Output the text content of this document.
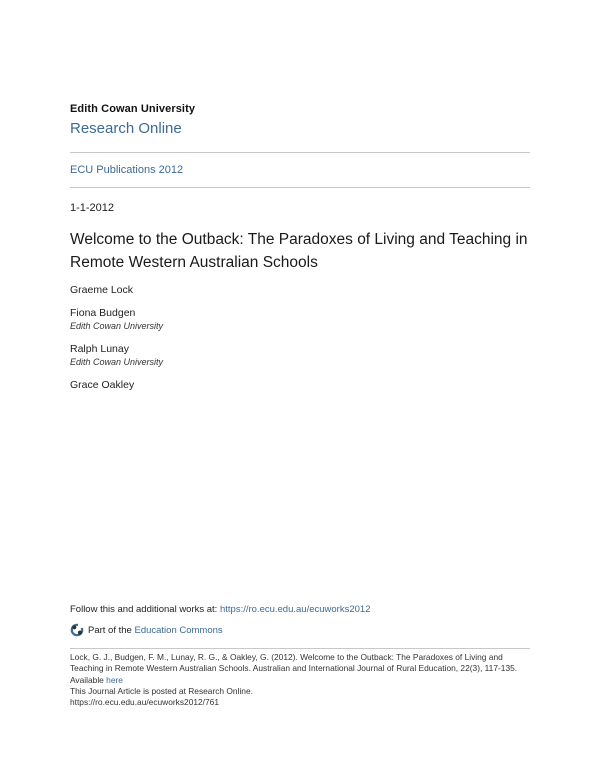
Edith Cowan University
Research Online
ECU Publications 2012
1-1-2012
Welcome to the Outback: The Paradoxes of Living and Teaching in Remote Western Australian Schools
Graeme Lock
Fiona Budgen
Edith Cowan University
Ralph Lunay
Edith Cowan University
Grace Oakley
Follow this and additional works at: https://ro.ecu.edu.au/ecuworks2012
Part of the
Education Commons
Lock, G. J., Budgen, F. M., Lunay, R. G., & Oakley, G. (2012). Welcome to the Outback: The Paradoxes of Living and Teaching in Remote Western Australian Schools. Australian and International Journal of Rural Education, 22(3), 117-135. Available here
This Journal Article is posted at Research Online.
https://ro.ecu.edu.au/ecuworks2012/761
